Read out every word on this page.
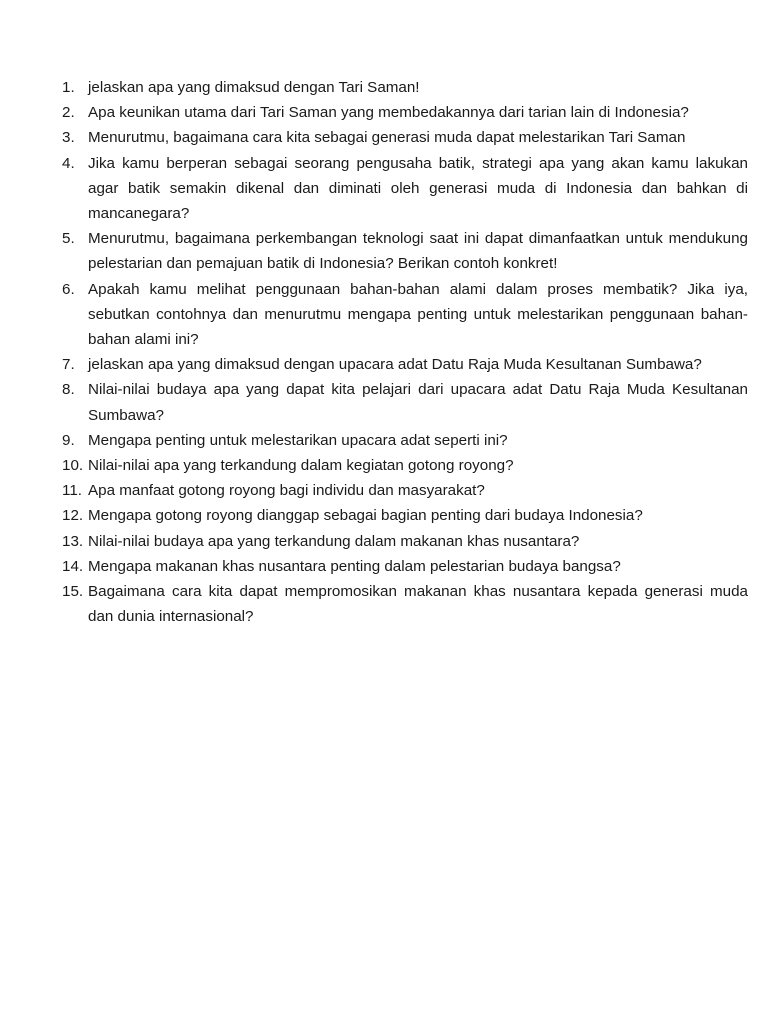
1. jelaskan apa yang dimaksud dengan Tari Saman!
2. Apa keunikan utama dari Tari Saman yang membedakannya dari tarian lain di Indonesia?
3. Menurutmu, bagaimana cara kita sebagai generasi muda dapat melestarikan Tari Saman
4. Jika kamu berperan sebagai seorang pengusaha batik, strategi apa yang akan kamu lakukan agar batik semakin dikenal dan diminati oleh generasi muda di Indonesia dan bahkan di mancanegara?
5. Menurutmu, bagaimana perkembangan teknologi saat ini dapat dimanfaatkan untuk mendukung pelestarian dan pemajuan batik di Indonesia? Berikan contoh konkret!
6. Apakah kamu melihat penggunaan bahan-bahan alami dalam proses membatik? Jika iya, sebutkan contohnya dan menurutmu mengapa penting untuk melestarikan penggunaan bahan-bahan alami ini?
7. jelaskan apa yang dimaksud dengan upacara adat Datu Raja Muda Kesultanan Sumbawa?
8. Nilai-nilai budaya apa yang dapat kita pelajari dari upacara adat Datu Raja Muda Kesultanan Sumbawa?
9. Mengapa penting untuk melestarikan upacara adat seperti ini?
10. Nilai-nilai apa yang terkandung dalam kegiatan gotong royong?
11. Apa manfaat gotong royong bagi individu dan masyarakat?
12. Mengapa gotong royong dianggap sebagai bagian penting dari budaya Indonesia?
13. Nilai-nilai budaya apa yang terkandung dalam makanan khas nusantara?
14. Mengapa makanan khas nusantara penting dalam pelestarian budaya bangsa?
15. Bagaimana cara kita dapat mempromosikan makanan khas nusantara kepada generasi muda dan dunia internasional?
